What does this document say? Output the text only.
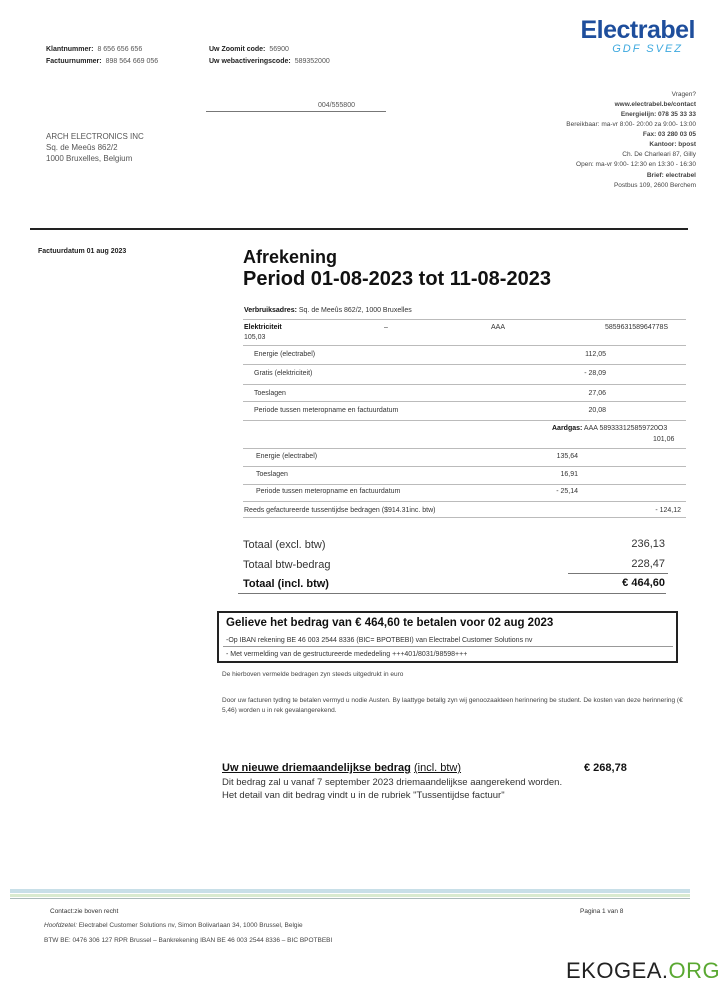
Klantnummer: 8 656 656 656	Uw Zoomit code: 56900
Factuurnummer: 898 564 669 056	Uw webactiveringscode: 589352000
Electrabel
GDF SVEZ
004/555800
ARCH ELECTRONICS INC
Sq. de Meeûs 862/2
1000 Bruxelles, Belgium
Vragen?
www.electrabel.be/contact
Energielijn: 078 35 33 33
Bereikbaar: ma-vr 8:00- 20:00 za 9:00- 13:00
Fax: 03 280 03 05
Kantoor: bpost
Ch. De Charleari 87, Gilly
Open: ma-vr 9:00- 12:30 en 13:30 - 16:30
Brief: electrabel
Postbus 109, 2600 Berchem
Factuurdatum 01 aug 2023	Afrekening
Period 01-08-2023 tot 11-08-2023
Verbruiksadres: Sq. de Meeûs 862/2, 1000 Bruxelles
Elektriciteit	–	AAA	585963158964778S
105,03
Energie (electrabel)	112,05
Gratis (elektriciteit)	- 28,09
Toeslagen	27,06
Periode tussen meteropname en factuurdatum	20,08
Aardgas: AAA 589333125859720O3
101,06
Energie (electrabel)	135,64
Toeslagen	16,91
Periode tussen meteropname en factuurdatum	- 25,14
Reeds gefactureerde tussentijdse bedragen ($914.31inc. btw)	- 124,12
Totaal (excl. btw)	236,13
Totaal btw-bedrag	228,47
Totaal (incl. btw)	€ 464,60
Gelieve het bedrag van € 464,60 te betalen voor 02 aug 2023
-Op IBAN rekening BE 46 003 2544 8336 (BIC= BPOTBEBI) van Electrabel Customer Solutions nv
- Met vermelding van de gestructureerde mededeling +++401/8031/98598+++
De hierboven vermelde bedragen zyn steeds uitgedrukt in euro
Door uw facturen tydlng te betalen vermyd u nodie Austen. By laattyge betallg zyn wij genoozaakteen herinnering be student. De kosten van deze herinnering (€ 5,46) worden u in rek gevalangerekend.
Uw nieuwe driemaandelijkse bedrag (incl. btw)	€ 268,78
Dit bedrag zal u vanaf 7 september 2023 driemaandelijkse aangerekend worden.
Het detail van dit bedrag vindt u in de rubriek "Tussentijdse factuur"
Contact:zie boven recht	Pagina 1 van 8
Hoofdzetel: Electrabel Customer Solutions nv, Simon Bolivarlaan 34, 1000 Brussel, Belgie
BTW BE: 0476 306 127 RPR Brussel – Bankrekening IBAN BE 46 003 2544 8336 – BIC BPOTBEBI
EKOGEA.ORG
